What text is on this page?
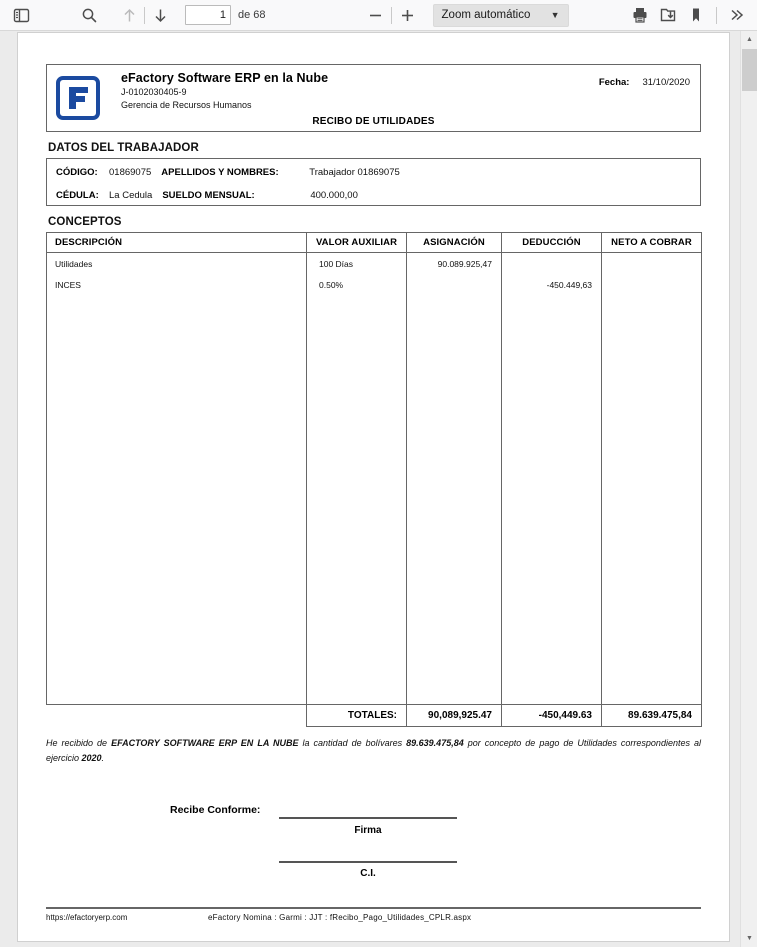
1
de 68	Zoom automático ▼
▲
▼
eFactory Software ERP en la Nube
J-0102030405-9
Gerencia de Recursos Humanos
Fecha: 31/10/2020
RECIBO DE UTILIDADES
DATOS DEL TRABAJADOR
CÓDIGO:	01869075 APELLIDOS Y NOMBRES:	Trabajador 01869075
CÉDULA:	La Cedula SUELDO MENSUAL:	400.000,00
CONCEPTOS
DESCRIPCIÓN	VALOR AUXILIAR	ASIGNACIÓN	DEDUCCIÓN	NETO A COBRAR
Utilidades	100 Días	90.089.925,47		
INCES	0.50%		-450.449,63	

	TOTALES:	90,089,925.47	-450,449.63	89.639.475,84
He recibido de EFACTORY SOFTWARE ERP EN LA NUBE la cantidad de bolívares 89.639.475,84 por concepto de pago de Utilidades correspondientes al ejercicio 2020.
Recibe Conforme:
Firma
C.I.
https://efactoryerp.com	eFactory Nomina : Garmi : JJT : fRecibo_Pago_Utilidades_CPLR.aspx
